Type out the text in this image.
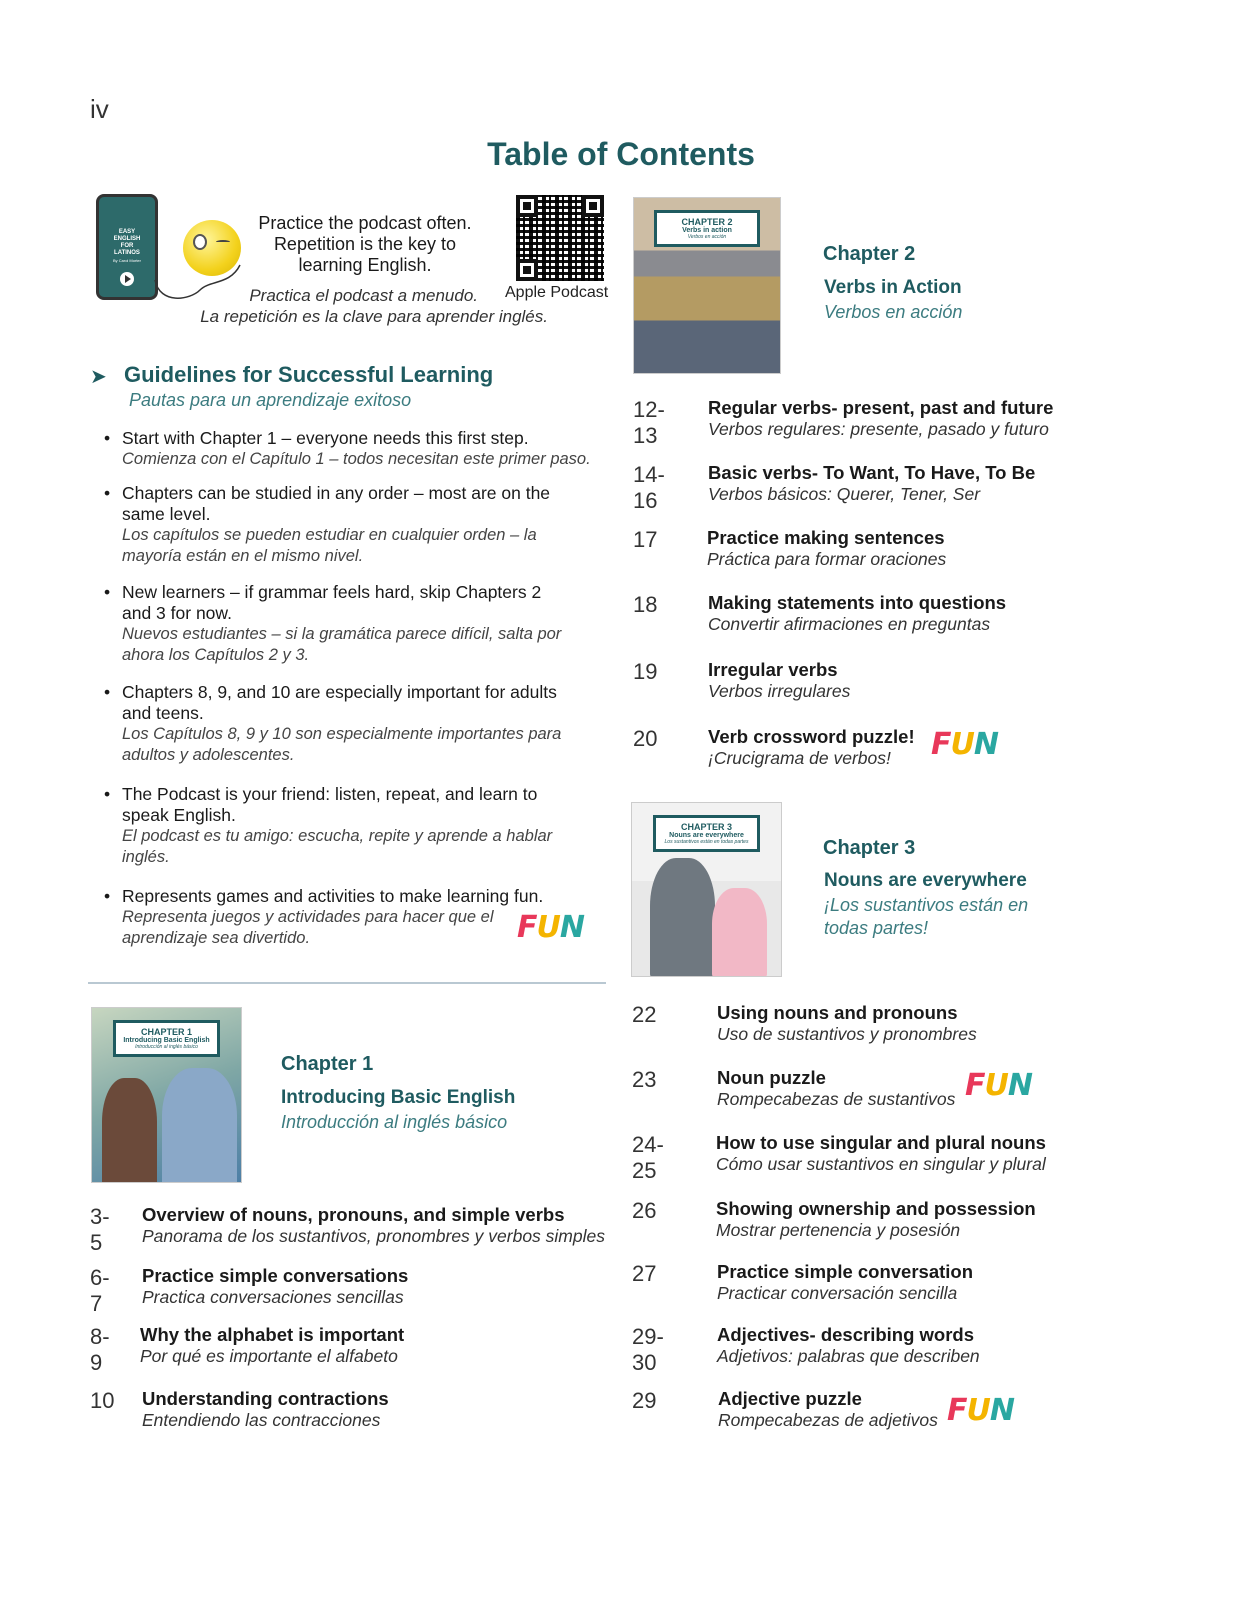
iv
Table of Contents
EASY
ENGLISH
FOR
LATINOS
By Carol Morter
Practice the podcast often.
Repetition is the key to
learning English.
Practica el podcast a menudo.
La repetición es la clave para aprender inglés.
Apple Podcast
➤ Guidelines for Successful Learning
Pautas para un aprendizaje exitoso
• Start with Chapter 1 – everyone needs this first step.
Comienza con el Capítulo 1 – todos necesitan este primer paso.
• Chapters can be studied in any order – most are on the same level.
Los capítulos se pueden estudiar en cualquier orden – la mayoría están en el mismo nivel.
• New learners – if grammar feels hard, skip Chapters 2 and 3 for now.
Nuevos estudiantes – si la gramática parece difícil, salta por ahora los Capítulos 2 y 3.
• Chapters 8, 9, and 10 are especially important for adults and teens.
Los Capítulos 8, 9 y 10 son especialmente importantes para adultos y adolescentes.
• The Podcast is your friend: listen, repeat, and learn to speak English.
El podcast es tu amigo: escucha, repite y aprende a hablar inglés.
• Represents games and activities to make learning fun.
Representa juegos y actividades para hacer que el aprendizaje sea divertido.	FUN
CHAPTER 1
Introducing Basic English
Introducción al inglés básico
Chapter 1
Introducing Basic English
Introducción al inglés básico
3-5
Overview of nouns, pronouns, and simple verbs
Panorama de los sustantivos, pronombres y verbos simples
6-7
Practice simple conversations
Practica conversaciones sencillas
8-9
Why the alphabet is important
Por qué es importante el alfabeto
10 Understanding contractions
Entendiendo las contracciones
CHAPTER 2
Verbs in action
Verbos en acción
Chapter 2
Verbs in Action
Verbos en acción
12-13
Regular verbs- present, past and future
Verbos regulares: presente, pasado y futuro
14-16
Basic verbs- To Want, To Have, To Be
Verbos básicos: Querer, Tener, Ser
17	Practice making sentences
Práctica para formar oraciones
18	Making statements into questions
Convertir afirmaciones en preguntas
19	Irregular verbs
Verbos irregulares
20	Verb crossword puzzle!
¡Crucigrama de verbos! FUN
CHAPTER 3
Nouns are everywhere
Los sustantivos están en todas partes	Chapter 3
Nouns are everywhere
¡Los sustantivos están en
todas partes!
22	Using nouns and pronouns
Uso de sustantivos y pronombres
23	Noun puzzle
Rompecabezas de sustantivos FUN
24-25
How to use singular and plural nouns
Cómo usar sustantivos en singular y plural
26	Showing ownership and possession
Mostrar pertenencia y posesión
27	Practice simple conversation
Practicar conversación sencilla
29-30
Adjectives- describing words
Adjetivos: palabras que describen
29	Adjective puzzle
Rompecabezas de adjetivos FUN
